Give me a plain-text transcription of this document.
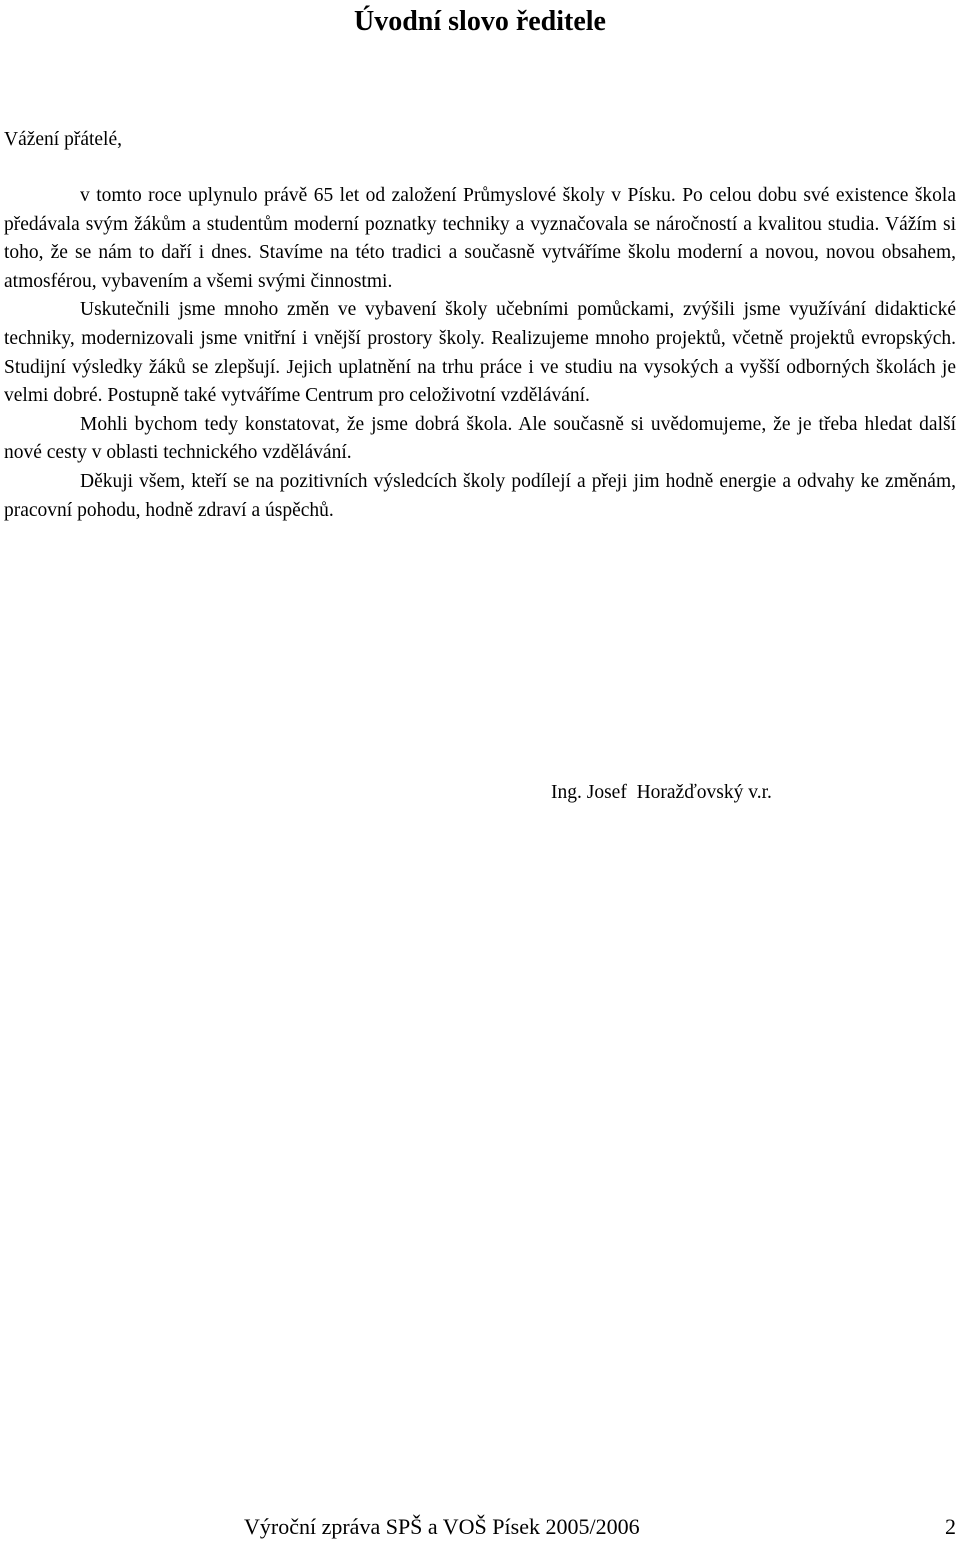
Úvodní slovo ředitele

Vážení přátelé,

v tomto roce uplynulo právě 65 let od založení Průmyslové školy v Písku. Po celou dobu své existence škola předávala svým žákům a studentům moderní poznatky techniky a vyznačovala se náročností a kvalitou studia. Vážím si toho, že se nám to daří i dnes. Stavíme na této tradici a současně vytváříme školu moderní a novou, novou obsahem, atmosférou, vybavením a všemi svými činnostmi.

Uskutečnili jsme mnoho změn ve vybavení školy učebními pomůckami, zvýšili jsme využívání didaktické techniky, modernizovali jsme vnitřní i vnější prostory školy. Realizujeme mnoho projektů, včetně projektů evropských. Studijní výsledky žáků se zlepšují. Jejich uplatnění na trhu práce i ve studiu na vysokých a vyšší odborných školách je velmi dobré. Postupně také vytváříme Centrum pro celoživotní vzdělávání.

Mohli bychom tedy konstatovat, že jsme dobrá škola. Ale současně si uvědomujeme, že je třeba hledat další nové cesty v oblasti technického vzdělávání.

Děkuji všem, kteří se na pozitivních výsledcích školy podílejí a přeji jim hodně energie a odvahy ke změnám, pracovní pohodu, hodně zdraví a úspěchů.

Ing. Josef  Horažďovský v.r.

Výroční zpráva SPŠ a VOŠ Písek 2005/2006	2
